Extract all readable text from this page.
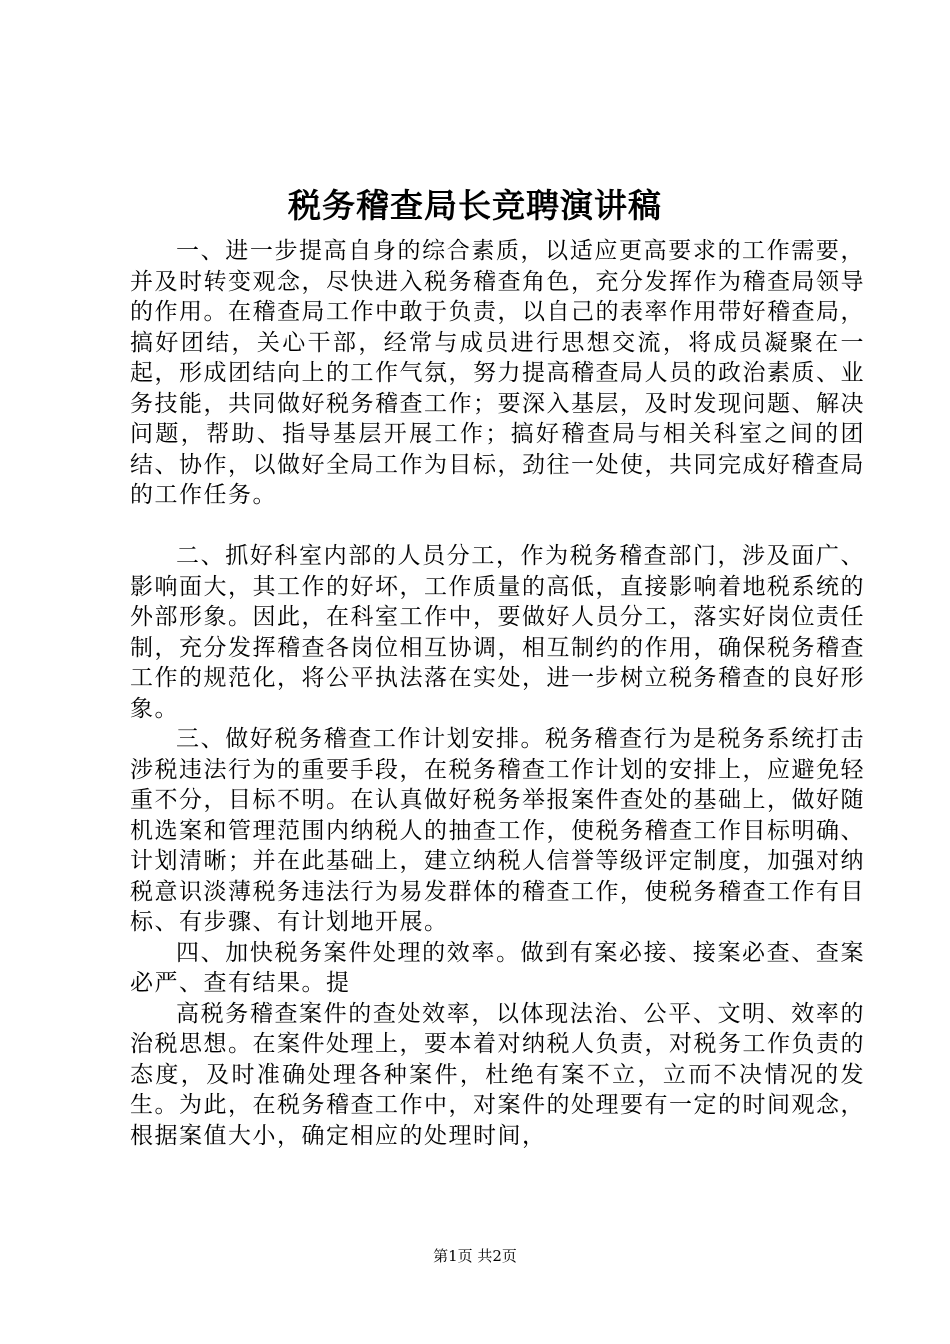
税务稽查局长竞聘演讲稿

一、进一步提高自身的综合素质，以适应更高要求的工作需要，并及时转变观念，尽快进入税务稽查角色，充分发挥作为稽查局领导的作用。在稽查局工作中敢于负责，以自己的表率作用带好稽查局，搞好团结，关心干部，经常与成员进行思想交流，将成员凝聚在一起，形成团结向上的工作气氛，努力提高稽查局人员的政治素质、业务技能，共同做好税务稽查工作；要深入基层，及时发现问题、解决问题，帮助、指导基层开展工作；搞好稽查局与相关科室之间的团结、协作，以做好全局工作为目标，劲往一处使，共同完成好稽查局的工作任务。

二、抓好科室内部的人员分工，作为税务稽查部门，涉及面广、影响面大，其工作的好坏，工作质量的高低，直接影响着地税系统的外部形象。因此，在科室工作中，要做好人员分工，落实好岗位责任制，充分发挥稽查各岗位相互协调，相互制约的作用，确保税务稽查工作的规范化，将公平执法落在实处，进一步树立税务稽查的良好形象。

三、做好税务稽查工作计划安排。税务稽查行为是税务系统打击涉税违法行为的重要手段，在税务稽查工作计划的安排上，应避免轻重不分，目标不明。在认真做好税务举报案件查处的基础上，做好随机选案和管理范围内纳税人的抽查工作，使税务稽查工作目标明确、计划清晰；并在此基础上，建立纳税人信誉等级评定制度，加强对纳税意识淡薄税务违法行为易发群体的稽查工作，使税务稽查工作有目标、有步骤、有计划地开展。

四、加快税务案件处理的效率。做到有案必接、接案必查、查案必严、查有结果。提

高税务稽查案件的查处效率，以体现法治、公平、文明、效率的治税思想。在案件处理上，要本着对纳税人负责，对税务工作负责的态度，及时准确处理各种案件，杜绝有案不立，立而不决情况的发生。为此，在税务稽查工作中，对案件的处理要有一定的时间观念，根据案值大小，确定相应的处理时间，

第1页 共2页
